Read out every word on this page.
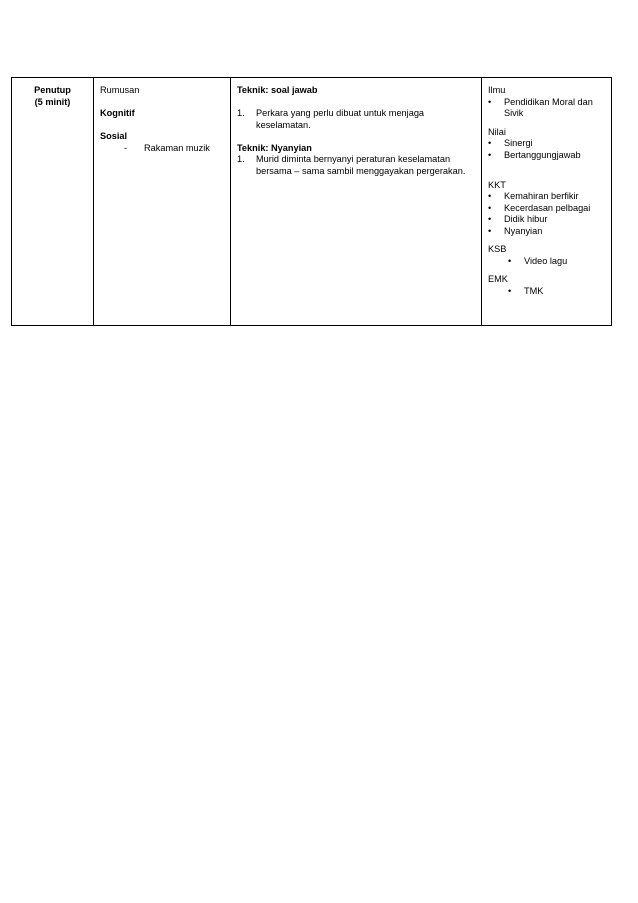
Penutup
(5 minit)

Rumusan
Kognitif
Sosial
-	Rakaman muzik

Teknik: soal jawab
1.	Perkara yang perlu dibuat untuk menjaga keselamatan.
Teknik: Nyanyian
1.	Murid diminta bernyanyi peraturan keselamatan bersama – sama sambil menggayakan pergerakan.

Ilmu
•	Pendidikan Moral dan Sivik
Nilai
•	Sinergi
•	Bertanggungjawab
KKT
•	Kemahiran berfikir
•	Kecerdasan pelbagai
•	Didik hibur
•	Nyanyian
KSB
•	Video lagu
EMK
•	TMK
